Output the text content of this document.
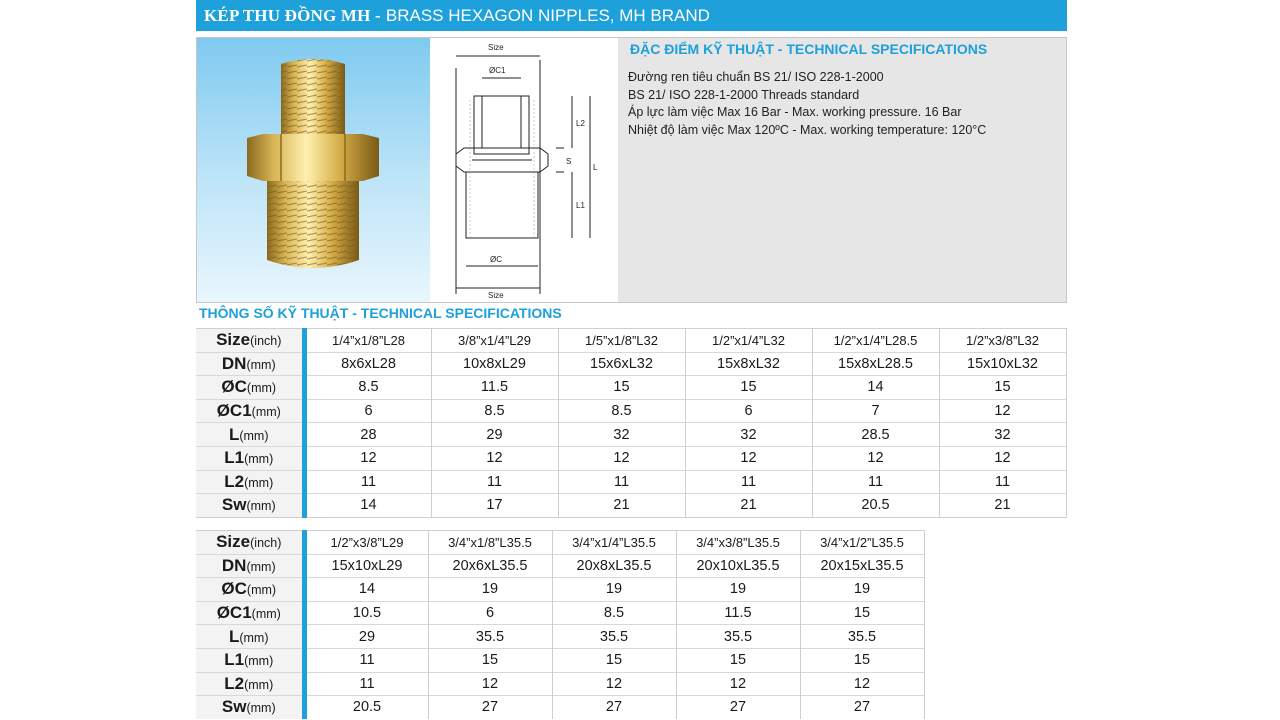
KÉP THU ĐỒNG MH - BRASS HEXAGON NIPPLES, MH BRAND
Size
ØC1
L2
S
L
L1
ØC
Size
ĐẶC ĐIỂM KỸ THUẬT - TECHNICAL SPECIFICATIONS
Đường ren tiêu chuẩn BS 21/ ISO 228-1-2000
BS 21/ ISO 228-1-2000 Threads standard
Áp lực làm việc Max 16 Bar - Max. working pressure. 16 Bar
Nhiệt độ làm việc Max 120ºC - Max. working temperature: 120°C
THÔNG SỐ KỸ THUẬT - TECHNICAL SPECIFICATIONS
Size(inch)	1/4”x1/8”L28	3/8”x1/4”L29	1/5”x1/8”L32	1/2”x1/4”L32	1/2”x1/4”L28.5	1/2”x3/8”L32
DN(mm)	8x6xL28	10x8xL29	15x6xL32	15x8xL32	15x8xL28.5	15x10xL32
ØC(mm)	8.5	11.5	15	15	14	15
ØC1(mm)	6	8.5	8.5	6	7	12
L(mm)	28	29	32	32	28.5	32
L1(mm)	12	12	12	12	12	12
L2(mm)	11	11	11	11	11	11
Sw(mm)	14	17	21	21	20.5	21
Size(inch)	1/2”x3/8”L29	3/4”x1/8”L35.5	3/4”x1/4”L35.5	3/4”x3/8”L35.5	3/4”x1/2”L35.5
DN(mm)	15x10xL29	20x6xL35.5	20x8xL35.5	20x10xL35.5	20x15xL35.5
ØC(mm)	14	19	19	19	19
ØC1(mm)	10.5	6	8.5	11.5	15
L(mm)	29	35.5	35.5	35.5	35.5
L1(mm)	11	15	15	15	15
L2(mm)	11	12	12	12	12
Sw(mm)	20.5	27	27	27	27
